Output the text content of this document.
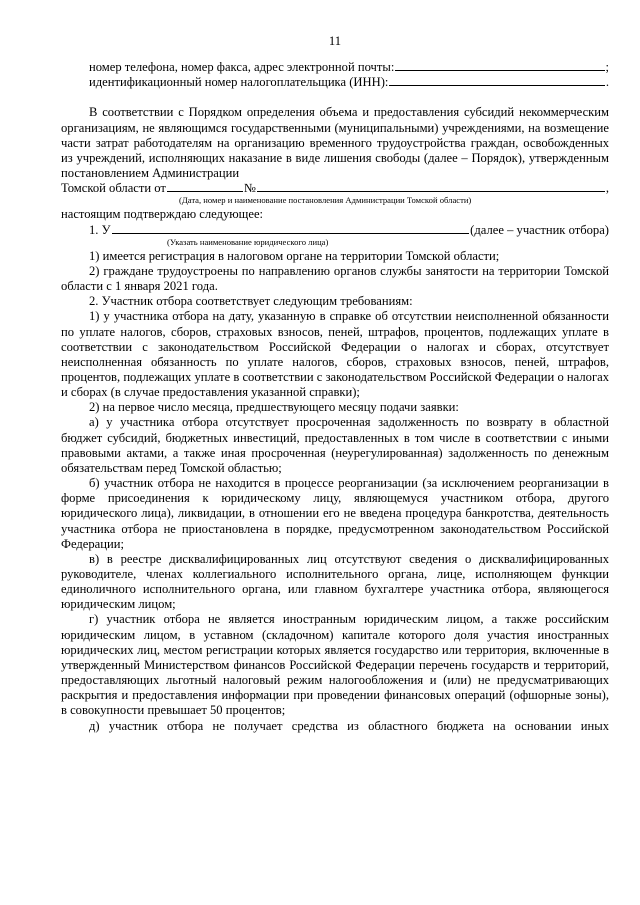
11
номер телефона, номер факса, адрес электронной почты:	;
идентификационный номер налогоплательщика (ИНН):	.

В соответствии с Порядком определения объема и предоставления субсидий некоммерческим организациям, не являющимся государственными (муниципальными) учреждениями, на возмещение части затрат работодателям на организацию временного трудоустройства граждан, освобожденных из учреждений, исполняющих наказание в виде лишения свободы (далее – Порядок), утвержденным постановлением Администрации

Томской области от	№	,
(Дата, номер и наименование постановления Администрации Томской области)

настоящим подтверждаю следующее:

1. У	(далее – участник отбора)
(Указать наименование юридического лица)

1) имеется регистрация в налоговом органе на территории Томской области;

2) граждане трудоустроены по направлению органов службы занятости на территории Томской области с 1 января 2021 года.

2. Участник отбора соответствует следующим требованиям:

1) у участника отбора на дату, указанную в справке об отсутствии неисполненной обязанности по уплате налогов, сборов, страховых взносов, пеней, штрафов, процентов, подлежащих уплате в соответствии с законодательством Российской Федерации о налогах и сборах, отсутствует неисполненная обязанность по уплате налогов, сборов, страховых взносов, пеней, штрафов, процентов, подлежащих уплате в соответствии с законодательством Российской Федерации о налогах и сборах (в случае предоставления указанной справки);

2) на первое число месяца, предшествующего месяцу подачи заявки:

а) у участника отбора отсутствует просроченная задолженность по возврату в областной бюджет субсидий, бюджетных инвестиций, предоставленных в том числе в соответствии с иными правовыми актами, а также иная просроченная (неурегулированная) задолженность по денежным обязательствам перед Томской областью;

б) участник отбора не находится в процессе реорганизации (за исключением реорганизации в форме присоединения к юридическому лицу, являющемуся участником отбора, другого юридического лица), ликвидации, в отношении его не введена процедура банкротства, деятельность участника отбора не приостановлена в порядке, предусмотренном законодательством Российской Федерации;

в) в реестре дисквалифицированных лиц отсутствуют сведения о дисквалифицированных руководителе, членах коллегиального исполнительного органа, лице, исполняющем функции единоличного исполнительного органа, или главном бухгалтере участника отбора, являющегося юридическим лицом;

г) участник отбора не является иностранным юридическим лицом, а также российским юридическим лицом, в уставном (складочном) капитале которого доля участия иностранных юридических лиц, местом регистрации которых является государство или территория, включенные в утвержденный Министерством финансов Российской Федерации перечень государств и территорий, предоставляющих льготный налоговый режим налогообложения и (или) не предусматривающих раскрытия и предоставления информации при проведении финансовых операций (офшорные зоны), в совокупности превышает 50 процентов;

д) участник отбора не получает средства из областного бюджета на основании иных
